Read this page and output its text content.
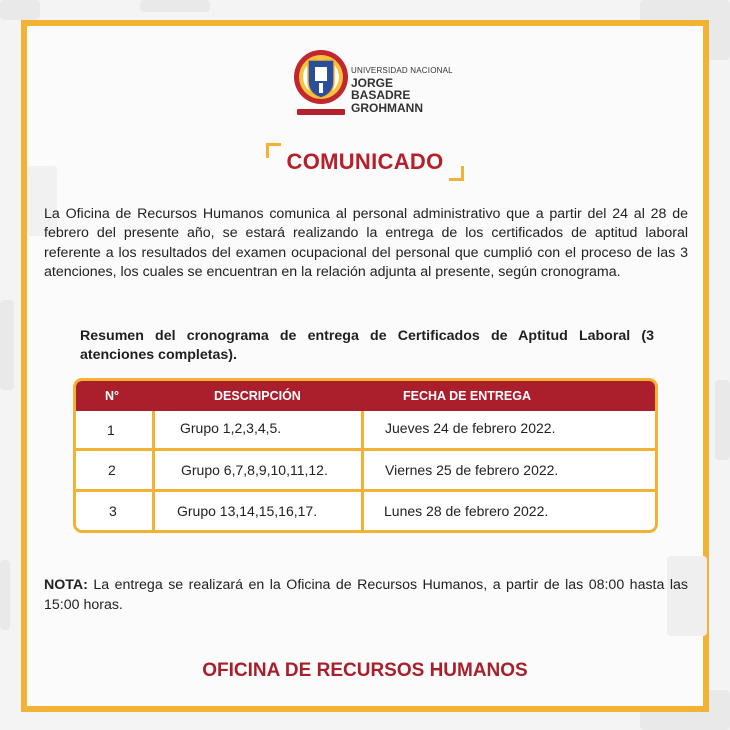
UNIVERSIDAD NACIONAL
JORGE BASADRE
GROHMANN
COMUNICADO
La Oficina de Recursos Humanos comunica al personal administrativo que a partir del 24 al 28 de febrero del presente año, se estará realizando la entrega de los certificados de aptitud laboral referente a los resultados del examen ocupacional del personal que cumplió con el proceso de las 3 atenciones, los cuales se encuentran en la relación adjunta al presente, según cronograma.
Resumen del cronograma de entrega de Certificados de Aptitud Laboral (3 atenciones completas).
N°	DESCRIPCIÓN	FECHA DE ENTREGA
1	Grupo 1,2,3,4,5.	Jueves 24 de febrero 2022.
2	Grupo 6,7,8,9,10,11,12.	Viernes 25 de febrero 2022.
3	Grupo 13,14,15,16,17.	Lunes 28 de febrero 2022.
NOTA: La entrega se realizará en la Oficina de Recursos Humanos, a partir de las 08:00 hasta las 15:00 horas.
OFICINA DE RECURSOS HUMANOS
